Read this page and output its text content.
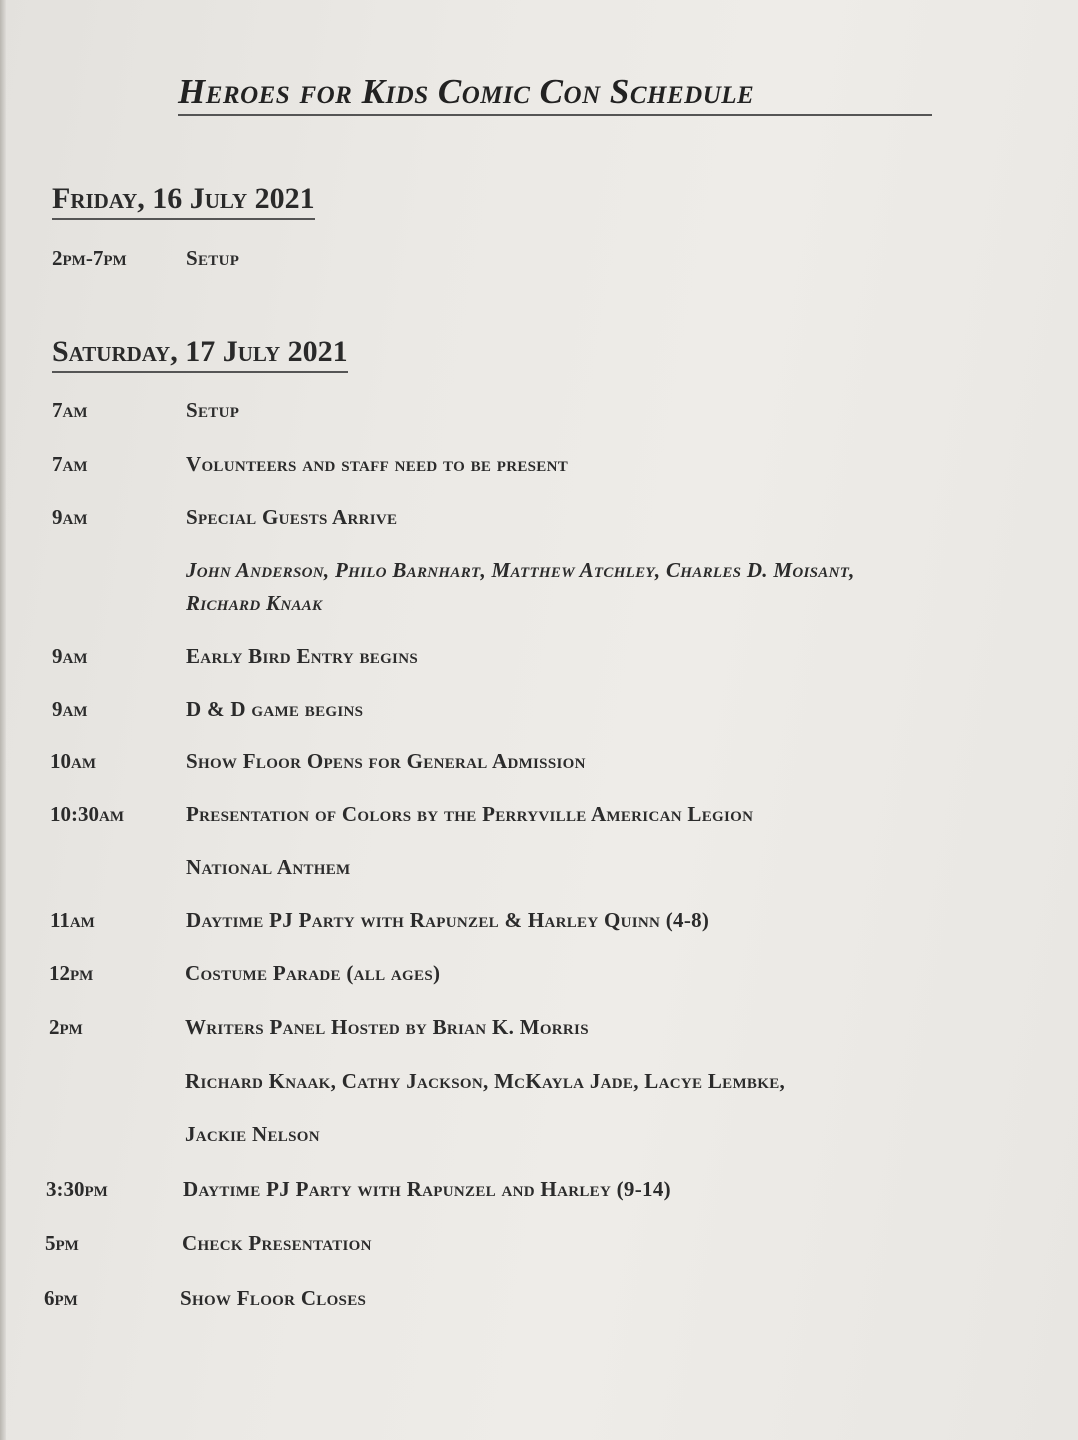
Heroes for Kids Comic Con Schedule
Friday, 16 July 2021
2pm-7pm	Setup
Saturday, 17 July 2021
7am	Setup
7am	Volunteers and staff need to be present
9am	Special Guests Arrive
John Anderson, Philo Barnhart, Matthew Atchley, Charles D. Moisant,
Richard Knaak
9am	Early Bird Entry begins
9am	D & D game begins
10am	Show Floor Opens for General Admission
10:30am	Presentation of Colors by the Perryville American Legion
National Anthem
11am	Daytime PJ Party with Rapunzel & Harley Quinn (4-8)
12pm	Costume Parade (all ages)
2pm	Writers Panel Hosted by Brian K. Morris
Richard Knaak, Cathy Jackson, McKayla Jade, Lacye Lembke,
Jackie Nelson
3:30pm	Daytime PJ Party with Rapunzel and Harley (9-14)
5pm	Check Presentation
6pm	Show Floor Closes
